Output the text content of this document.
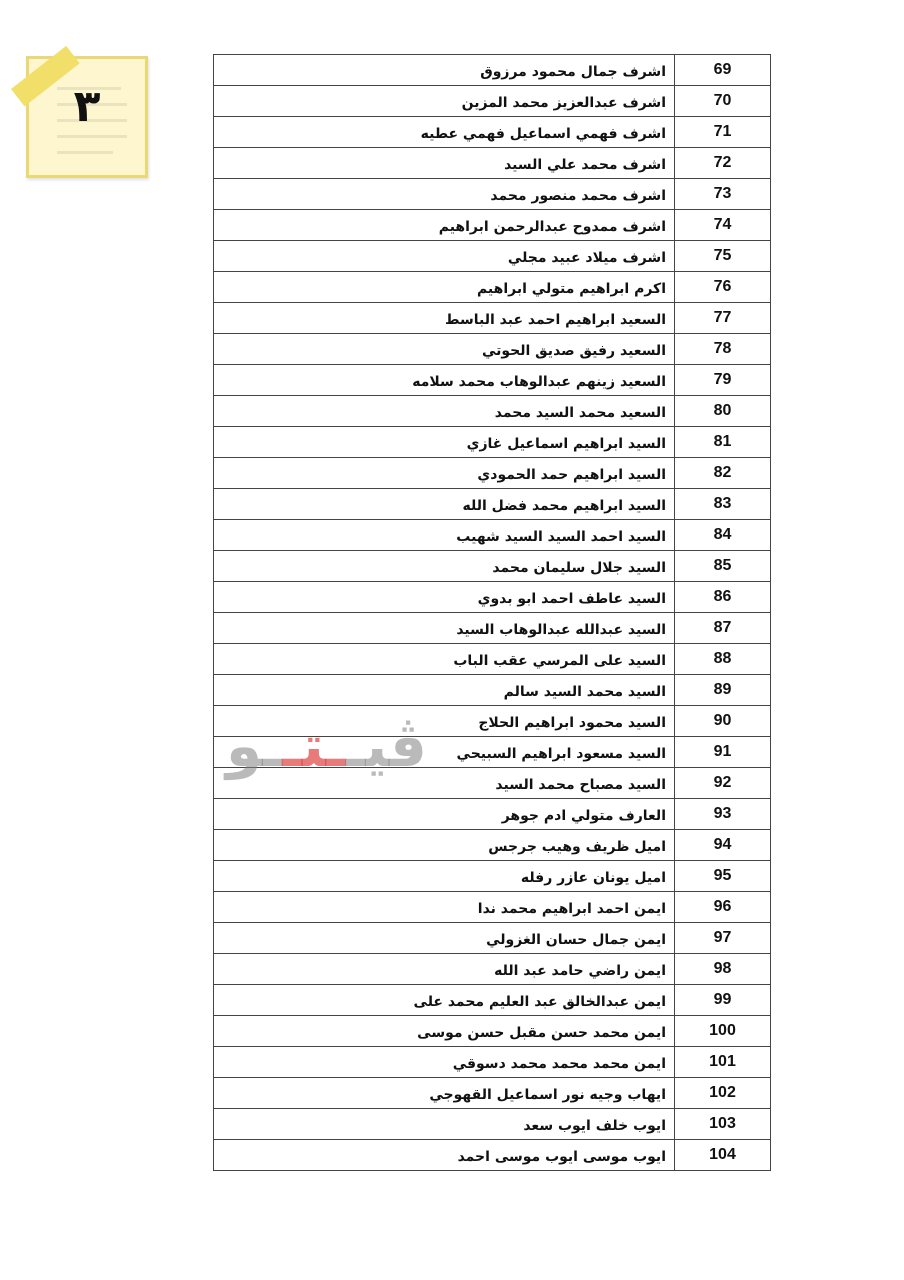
٣
اشرف جمال محمود مرزوق	69
اشرف عبدالعزيز محمد المزين	70
اشرف فهمي اسماعيل فهمي عطيه	71
اشرف محمد علي السيد	72
اشرف محمد منصور محمد	73
اشرف ممدوح عبدالرحمن ابراهيم	74
اشرف ميلاد عبيد مجلي	75
اكرم ابراهيم متولي ابراهيم	76
السعيد ابراهيم احمد عبد الباسط	77
السعيد رفيق صديق الحوتي	78
السعيد زينهم عبدالوهاب محمد سلامه	79
السعيد محمد السيد محمد	80
السيد ابراهيم اسماعيل غازي	81
السيد ابراهيم حمد الحمودي	82
السيد ابراهيم محمد فضل الله	83
السيد احمد السيد السيد شهيب	84
السيد جلال سليمان محمد	85
السيد عاطف احمد ابو بدوي	86
السيد عبدالله عبدالوهاب السيد	87
السيد على المرسي عقب الباب	88
السيد محمد السيد سالم	89
السيد محمود ابراهيم الحلاج	90
السيد مسعود ابراهيم السبيحي	91
السيد مصباح محمد السيد	92
العارف متولي ادم جوهر	93
اميل ظريف وهيب جرجس	94
اميل يونان عازر رفله	95
ايمن احمد ابراهيم محمد ندا	96
ايمن جمال حسان الغزولي	97
ايمن راضي حامد عبد الله	98
ايمن عبدالخالق عبد العليم محمد على	99
ايمن محمد حسن مقبل حسن موسى	100
ايمن محمد محمد محمد دسوقي	101
ايهاب وجيه نور اسماعيل القهوجي	102
ايوب خلف ايوب سعد	103
ايوب موسى ايوب موسى احمد	104
ڤيــتــو
